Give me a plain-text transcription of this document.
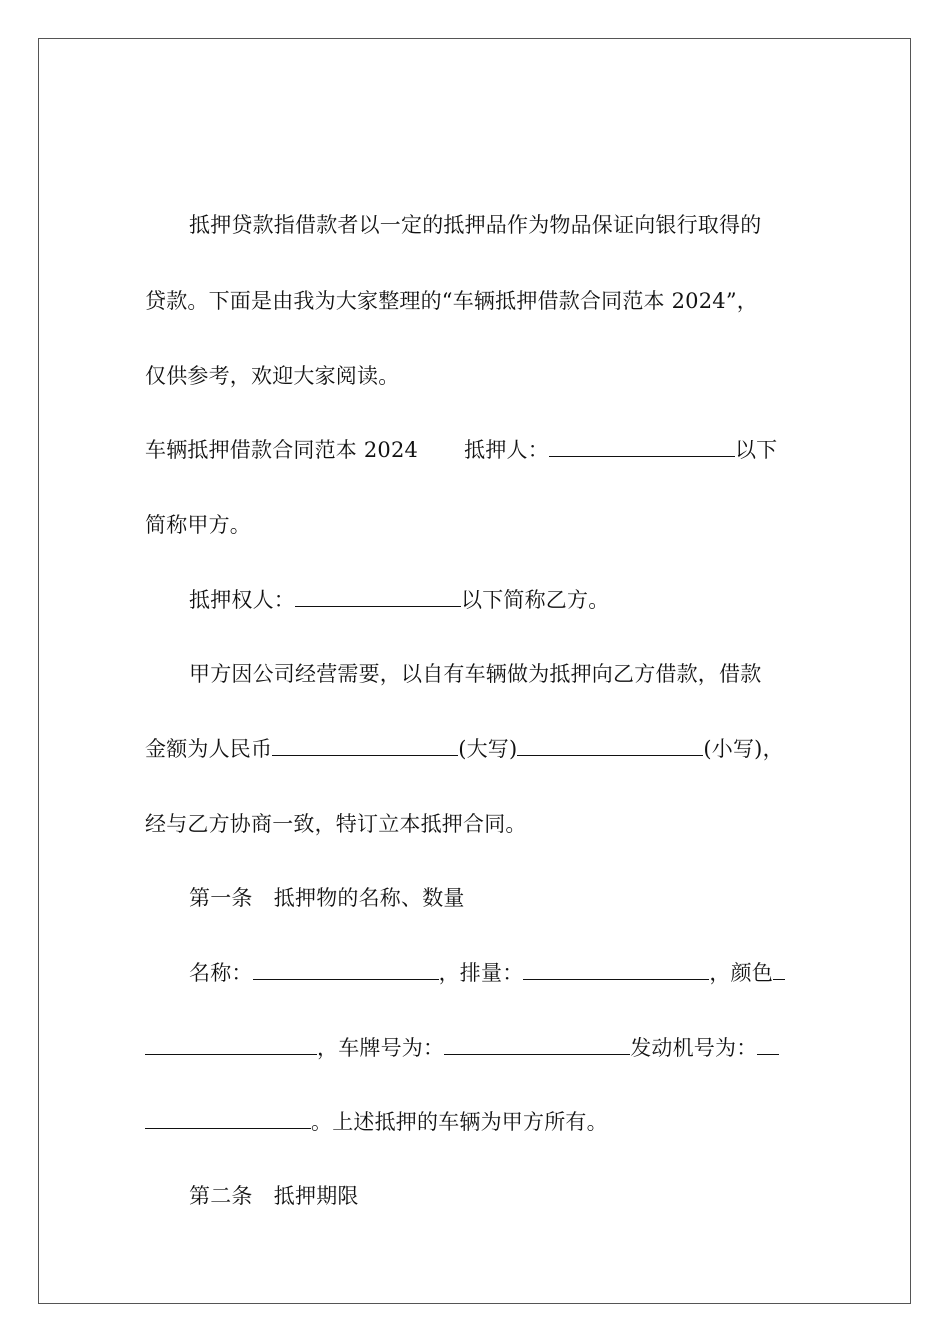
抵押贷款指借款者以一定的抵押品作为物品保证向银行取得的
贷款。下面是由我为大家整理的“车辆抵押借款合同范本 2024”，
仅供参考，欢迎大家阅读。
车辆抵押借款合同范本 2024 抵押人：	以下
简称甲方。
抵押权人：	以下简称乙方。
甲方因公司经营需要，以自有车辆做为抵押向乙方借款，借款
金额为人民币	(大写)	(小写)，
经与乙方协商一致，特订立本抵押合同。
第一条　抵押物的名称、数量
名称：	，排量：	，颜色
，车牌号为：	发动机号为：
。上述抵押的车辆为甲方所有。
第二条　抵押期限
